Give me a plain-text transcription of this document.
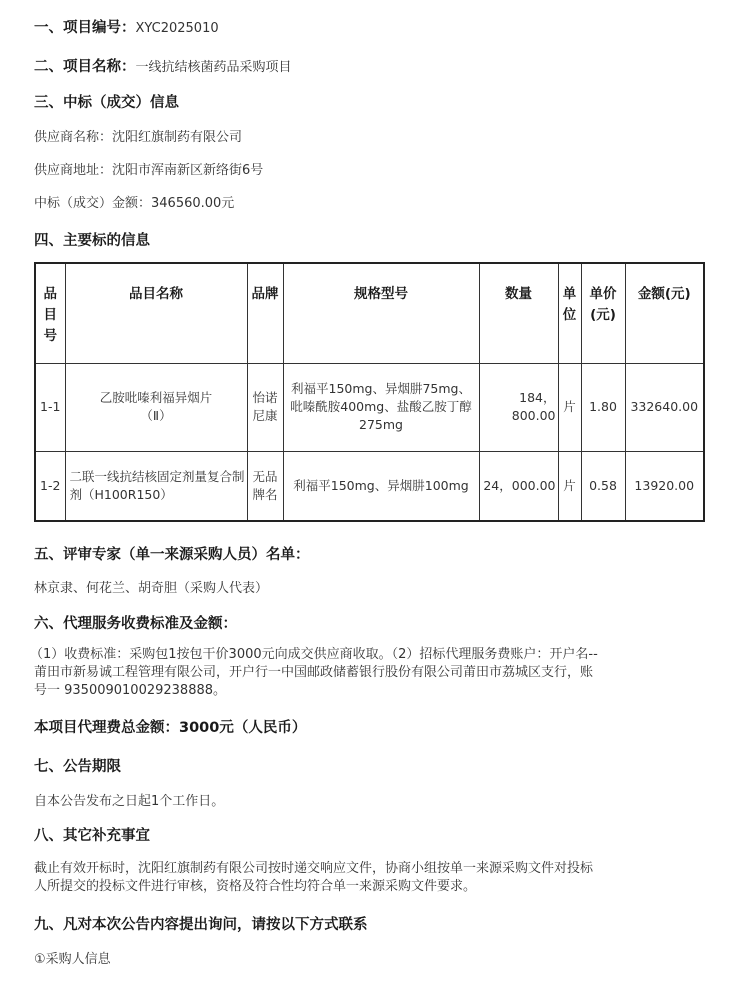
一、项目编号：XYC2025010
二、项目名称：一线抗结核菌药品采购项目
三、中标（成交）信息
供应商名称：沈阳红旗制药有限公司
供应商地址：沈阳市浑南新区新络街6号
中标（成交）金额：346560.00元
四、主要标的信息
品目号	品目名称	品牌	规格型号	数量	单位	单价(元)	金额(元)
1-1	乙胺吡嗪利福异烟片（Ⅱ）	怡诺尼康	利福平150mg、异烟肼75mg、吡嗪酰胺400mg、盐酸乙胺丁醇275mg	184，800.00	片	1.80	332640.00
1-2	二联一线抗结核固定剂量复合制剂（H100R150）	无品牌名	利福平150mg、异烟肼100mg	24，000.00	片	0.58	13920.00
五、评审专家（单一来源采购人员）名单：
林京隶、何花兰、胡奇胆（采购人代表）
六、代理服务收费标准及金额：
（1）收费标准：采购包1按包干价3000元向成交供应商收取。（2）招标代理服务费账户：开户名--
莆田市新易诚工程管理有限公司，开户行一中国邮政储蓄银行股份有限公司莆田市荔城区支行，账
号一 935009010029238888。
本项目代理费总金额：3000元（人民币）
七、公告期限
自本公告发布之日起1个工作日。
八、其它补充事宜
截止有效开标时，沈阳红旗制药有限公司按时递交响应文件，协商小组按单一来源采购文件对投标
人所提交的投标文件进行审核，资格及符合性均符合单一来源采购文件要求。
九、凡对本次公告内容提出询问，请按以下方式联系
①采购人信息
